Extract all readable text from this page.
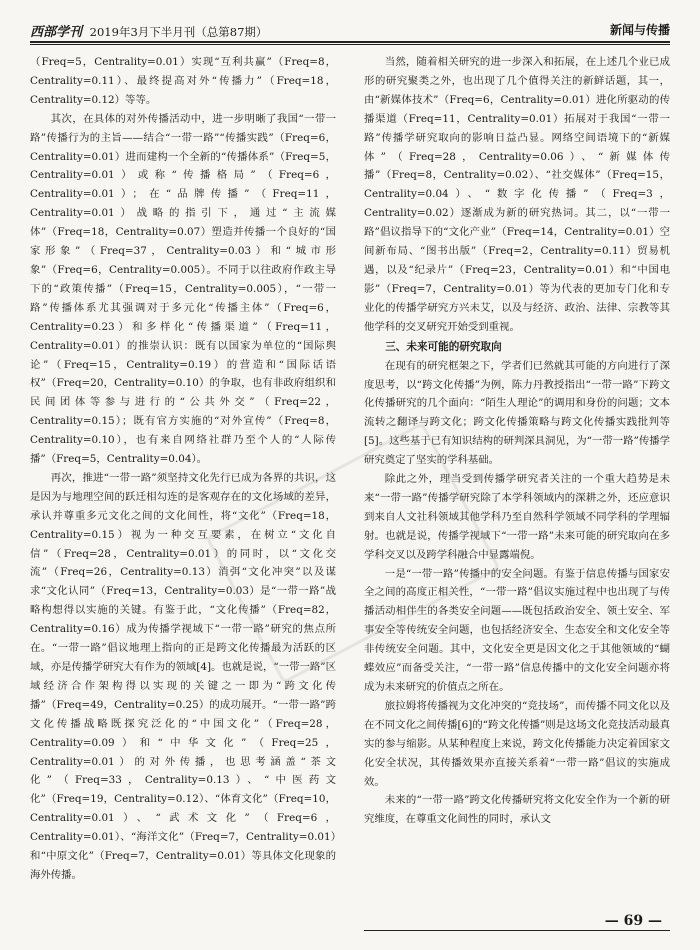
西部学刊 2019年3月下半月刊（总第87期）	新闻与传播

（Freq=5，Centrality=0.01）实现“互利共赢”（Freq=8，Centrality=0.11）、最终提高对外“传播力”（Freq=18，Centrality=0.12）等等。

其次，在具体的对外传播活动中，进一步明晰了我国“一带一路”传播行为的主旨——结合“一带一路”“传播实践”（Freq=6，Centrality=0.01）进而建构一个全新的“传播体系”（Freq=5，Centrality=0.01）或称“传播格局”（Freq=6，Centrality=0.01）；在“品牌传播”（Freq=11，Centrality=0.01）战略的指引下，通过“主流媒体”（Freq=18，Centrality=0.07）塑造并传播一个良好的“国家形象”（Freq=37，Centrality=0.03）和“城市形象”（Freq=6，Centrality=0.005）。不同于以往政府作政主导下的“政策传播”（Freq=15，Centrality=0.005），“一带一路”传播体系尤其强调对于多元化“传播主体”（Freq=6，Centrality=0.23）和多样化“传播渠道”（Freq=11，Centrality=0.01）的推崇认识：既有以国家为单位的“国际舆论”（Freq=15，Centrality=0.19）的营造和“国际话语权”（Freq=20，Centrality=0.10）的争取，也有非政府组织和民间团体等参与进行的“公共外交”（Freq=22，Centrality=0.15）；既有官方实施的“对外宣传”（Freq=8，Centrality=0.10），也有来自网络社群乃至个人的“人际传播”（Freq=5，Centrality=0.04）。

再次，推进“一带一路”须坚持文化先行已成为各界的共识，这是因为与地理空间的跃迁相勾连的是客观存在的文化场域的差异，承认并尊重多元文化之间的文化间性，将“文化”（Freq=18，Centrality=0.15）视为一种交互要素，在树立“文化自信”（Freq=28，Centrality=0.01）的同时，以“文化交流”（Freq=26，Centrality=0.13）消弭“文化冲突”以及谋求“文化认同”（Freq=13，Centrality=0.03）是“一带一路”战略构想得以实施的关键。有鉴于此，“文化传播”（Freq=82，Centrality=0.16）成为传播学视域下“一带一路”研究的焦点所在。“一带一路”倡议地理上指向的正是跨文化传播最为活跃的区域，亦是传播学研究大有作为的领域[4]。也就是说，“一带一路”区域经济合作架构得以实现的关键之一即为“跨文化传播”（Freq=49，Centrality=0.25）的成功展开。“一带一路”跨文化传播战略既探究泛化的“中国文化”（Freq=28，Centrality=0.09）和“中华文化”（Freq=25，Centrality=0.01）的对外传播，也思考涵盖“茶文化”（Freq=33，Centrality=0.13）、“中医药文化”（Freq=19，Centrality=0.12）、“体育文化”（Freq=10，Centrality=0.01）、“武术文化”（Freq=6，Centrality=0.01）、“海洋文化”（Freq=7，Centrality=0.01）和“中原文化”（Freq=7，Centrality=0.01）等具体文化现象的海外传播。

当然，随着相关研究的进一步深入和拓展，在上述几个业已成形的研究聚类之外，也出现了几个值得关注的新鲜话题，其一，由“新媒体技术”（Freq=6，Centrality=0.01）进化所驱动的传播渠道（Freq=11，Centrality=0.01）拓展对于我国“一带一路”传播学研究取向的影响日益凸显。网络空间语境下的“新媒体”（Freq=28，Centrality=0.06）、“新媒体传播”（Freq=8，Centrality=0.02）、“社交媒体”（Freq=15，Centrality=0.04）、“数字化传播”（Freq=3，Centrality=0.02）逐渐成为新的研究热词。其二，以“一带一路”倡议指导下的“文化产业”（Freq=14，Centrality=0.01）空间新布局、“图书出版”（Freq=2，Centrality=0.11）贸易机遇，以及“纪录片”（Freq=23，Centrality=0.01）和“中国电影”（Freq=7，Centrality=0.01）等为代表的更加专门化和专业化的传播学研究方兴未艾，以及与经济、政治、法律、宗教等其他学科的交叉研究开始受到重视。

三、未来可能的研究取向

在现有的研究框架之下，学者们已然就其可能的方向进行了深度思考，以“跨文化传播”为例，陈力丹教授指出“一带一路”下跨文化传播研究的几个面向：“陌生人理论”的调用和身份的问题；文本流转之翻译与跨文化；跨文化传播策略与跨文化传播实践批判等[5]。这些基于已有知识结构的研判深具洞见，为“一带一路”传播学研究奠定了坚实的学科基础。

除此之外，理当受到传播学研究者关注的一个重大趋势是未来“一带一路”传播学研究除了本学科领域内的深耕之外，还应意识到来自人文社科领域其他学科乃至自然科学领域不同学科的学理辐射。也就是说，传播学视域下“一带一路”未来可能的研究取向在多学科交叉以及跨学科融合中显露端倪。

一是“一带一路”传播中的安全问题。有鉴于信息传播与国家安全之间的高度正相关性，“一带一路”倡议实施过程中也出现了与传播活动相伴生的各类安全问题——既包括政治安全、领土安全、军事安全等传统安全问题，也包括经济安全、生态安全和文化安全等非传统安全问题。其中，文化安全更是因文化之于其他领域的“蝴蝶效应”而备受关注，“一带一路”信息传播中的文化安全问题亦将成为未来研究的价值点之所在。

旅拉姆将传播视为文化冲突的“竞技场”，而传播不同文化以及在不同文化之间传播[6]的“跨文化传播”则是这场文化竞技活动最真实的参与缩影。从某种程度上来说，跨文化传播能力决定着国家文化安全状况，其传播效果亦直接关系着“一带一路”倡议的实施成效。

未来的“一带一路”跨文化传播研究将文化安全作为一个新的研究维度，在尊重文化间性的同时，承认文

— 69 —
